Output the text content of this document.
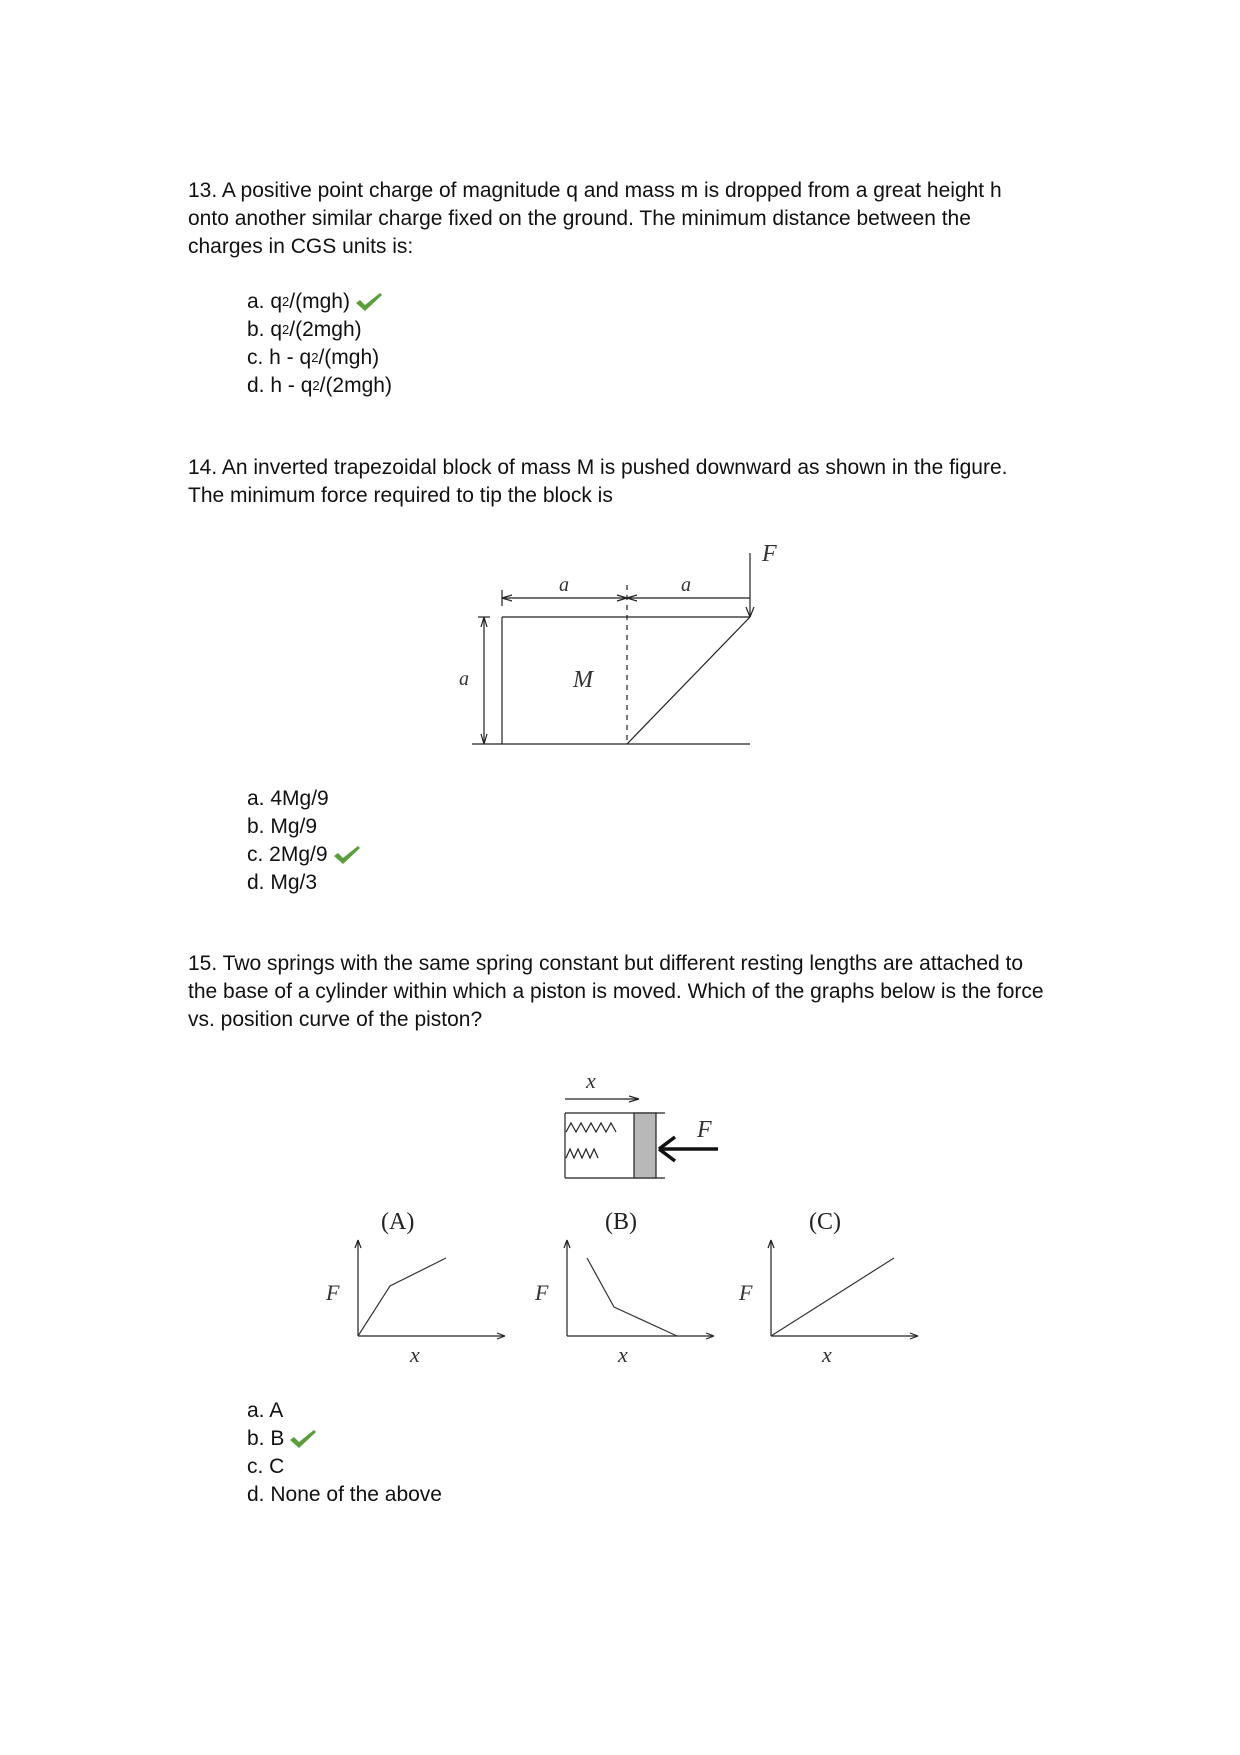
13. A positive point charge of magnitude q and mass m is dropped from a great height h onto another similar charge fixed on the ground. The minimum distance between the charges in CGS units is:

a. q 2 /(mgh)
b. q 2 /(2mgh)
c. h - q 2 /(mgh)
d. h - q 2 /(2mgh)

14. An inverted trapezoidal block of mass M is pushed downward as shown in the figure. The minimum force required to tip the block is

F
a	a
a	M
a. 4Mg/9
b. Mg/9
c. 2Mg/9
d. Mg/3

15. Two springs with the same spring constant but different resting lengths are attached to the base of a cylinder within which a piston is moved. Which of the graphs below is the force vs. position curve of the piston?

x
F
(A)
F
x
(B)
F
x
(C)
F
x
a. A
b. B
c. C
d. None of the above
